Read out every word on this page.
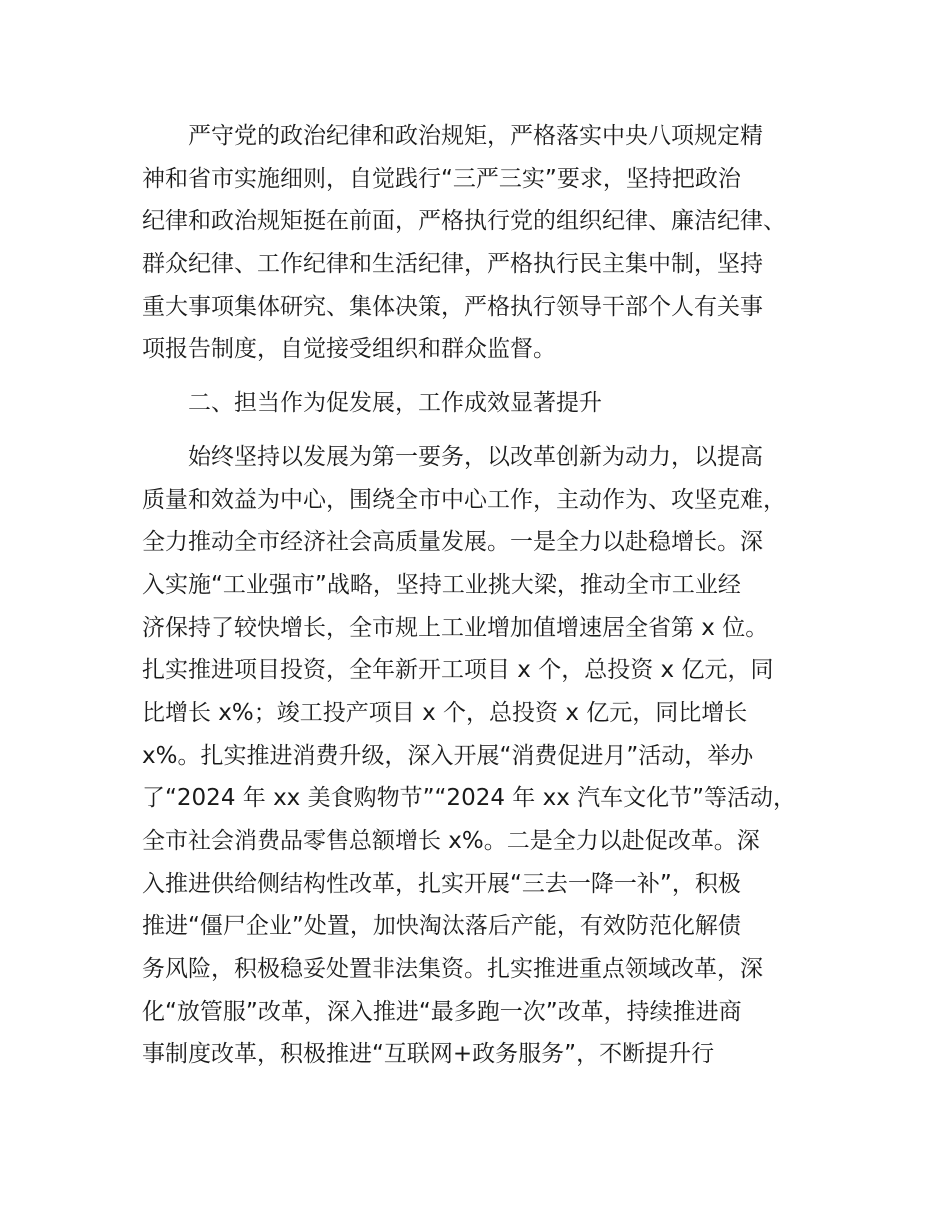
严守党的政治纪律和政治规矩，严格落实中央八项规定精
神和省市实施细则，自觉践行“三严三实”要求，坚持把政治
纪律和政治规矩挺在前面，严格执行党的组织纪律、廉洁纪律、
群众纪律、工作纪律和生活纪律，严格执行民主集中制，坚持
重大事项集体研究、集体决策，严格执行领导干部个人有关事
项报告制度，自觉接受组织和群众监督。
二、担当作为促发展，工作成效显著提升
始终坚持以发展为第一要务，以改革创新为动力，以提高
质量和效益为中心，围绕全市中心工作，主动作为、攻坚克难，
全力推动全市经济社会高质量发展。一是全力以赴稳增长。深
入实施“工业强市”战略，坚持工业挑大梁，推动全市工业经
济保持了较快增长，全市规上工业增加值增速居全省第 x 位。
扎实推进项目投资，全年新开工项目 x 个，总投资 x 亿元，同
比增长 x%；竣工投产项目 x 个，总投资 x 亿元，同比增长
x%。扎实推进消费升级，深入开展“消费促进月”活动，举办
了“2024 年 xx 美食购物节”“2024 年 xx 汽车文化节”等活动，
全市社会消费品零售总额增长 x%。二是全力以赴促改革。深
入推进供给侧结构性改革，扎实开展“三去一降一补”，积极
推进“僵尸企业”处置，加快淘汰落后产能，有效防范化解债
务风险，积极稳妥处置非法集资。扎实推进重点领域改革，深
化“放管服”改革，深入推进“最多跑一次”改革，持续推进商
事制度改革，积极推进“互联网+政务服务”，不断提升行
